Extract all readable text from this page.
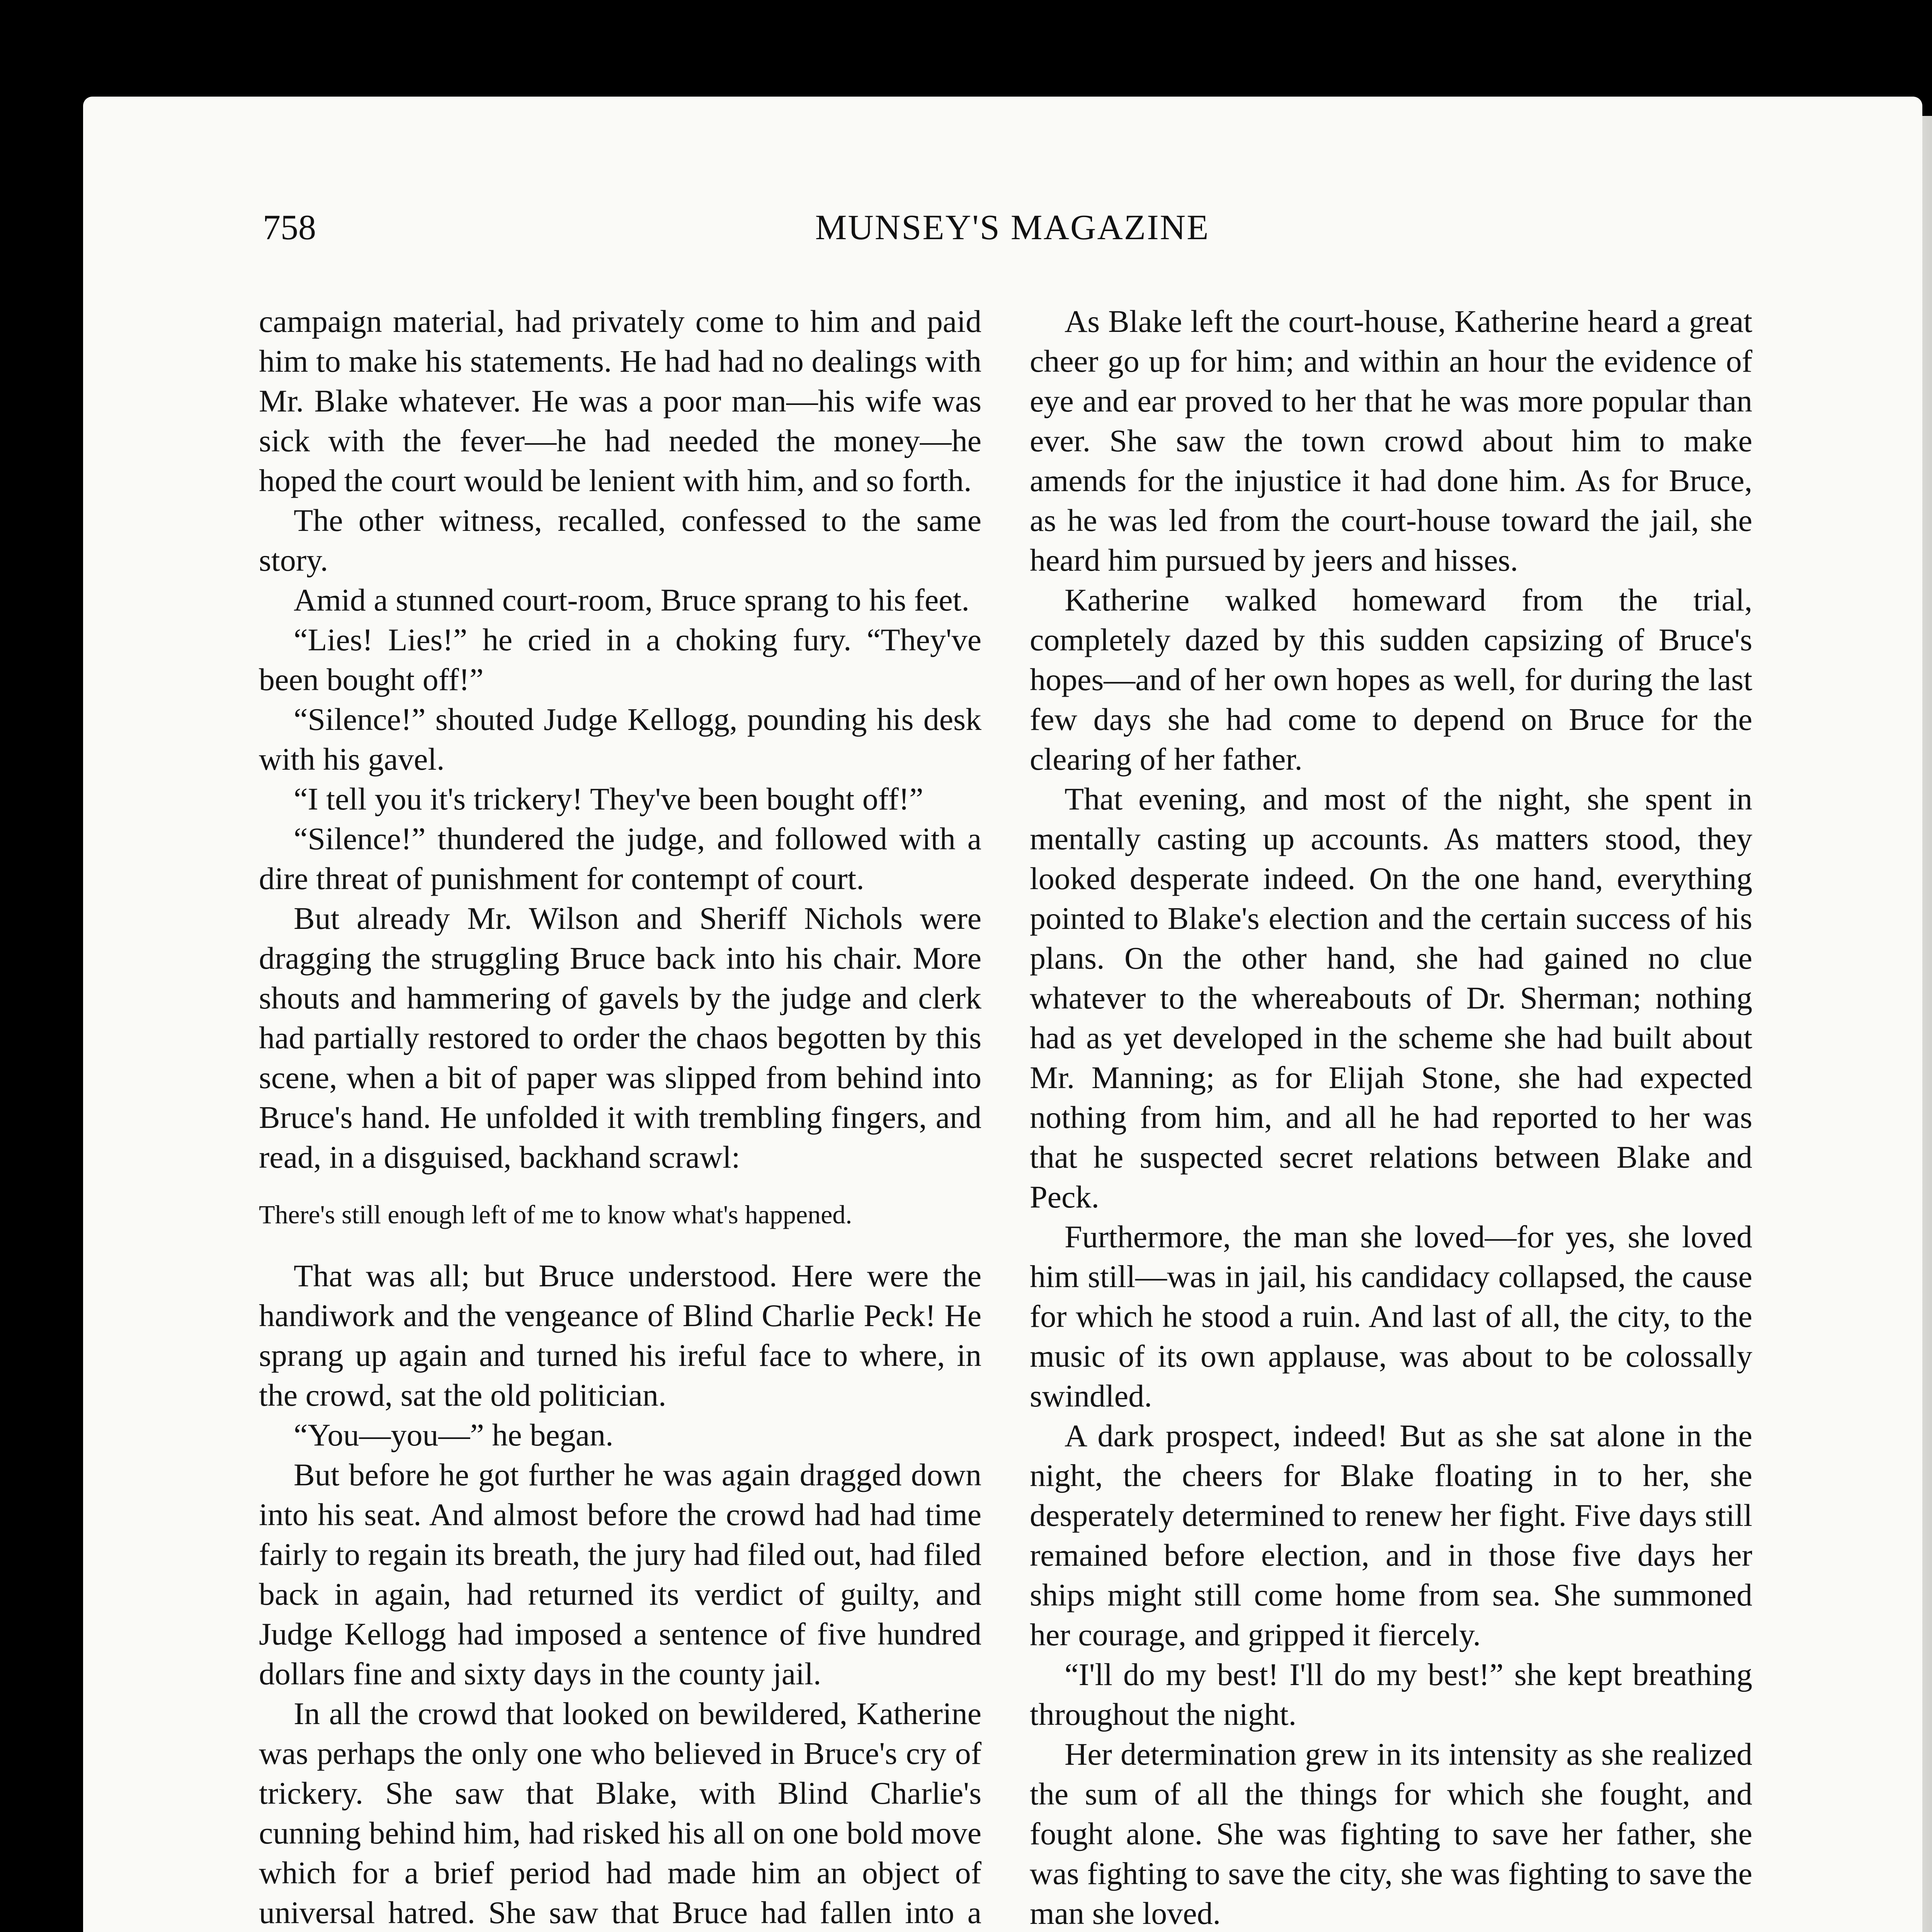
758	MUNSEY'S MAGAZINE

campaign material, had privately come to him and paid him to make his statements. He had had no dealings with Mr. Blake whatever. He was a poor man—his wife was sick with the fever—he had needed the money—he hoped the court would be lenient with him, and so forth.

The other witness, recalled, confessed to the same story.

Amid a stunned court-room, Bruce sprang to his feet.

“Lies! Lies!” he cried in a choking fury. “They've been bought off!”

“Silence!” shouted Judge Kellogg, pounding his desk with his gavel.

“I tell you it's trickery! They've been bought off!”

“Silence!” thundered the judge, and followed with a dire threat of punishment for contempt of court.

But already Mr. Wilson and Sheriff Nichols were dragging the struggling Bruce back into his chair. More shouts and hammering of gavels by the judge and clerk had partially restored to order the chaos begotten by this scene, when a bit of paper was slipped from behind into Bruce's hand. He unfolded it with trembling fingers, and read, in a disguised, backhand scrawl:

There's still enough left of me to know what's happened.

That was all; but Bruce understood. Here were the handiwork and the vengeance of Blind Charlie Peck! He sprang up again and turned his ireful face to where, in the crowd, sat the old politician.

“You—you—” he began.

But before he got further he was again dragged down into his seat. And almost before the crowd had had time fairly to regain its breath, the jury had filed out, had filed back in again, had returned its verdict of guilty, and Judge Kellogg had imposed a sentence of five hundred dollars fine and sixty days in the county jail.

In all the crowd that looked on bewildered, Katherine was perhaps the only one who believed in Bruce's cry of trickery. She saw that Blake, with Blind Charlie's cunning behind him, had risked his all on one bold move which for a brief period had made him an object of universal hatred. She saw that Bruce had fallen into a

As Blake left the court-house, Katherine heard a great cheer go up for him; and within an hour the evidence of eye and ear proved to her that he was more popular than ever. She saw the town crowd about him to make amends for the injustice it had done him. As for Bruce, as he was led from the court-house toward the jail, she heard him pursued by jeers and hisses.

Katherine walked homeward from the trial, completely dazed by this sudden capsizing of Bruce's hopes—and of her own hopes as well, for during the last few days she had come to depend on Bruce for the clearing of her father.

That evening, and most of the night, she spent in mentally casting up accounts. As matters stood, they looked desperate indeed. On the one hand, everything pointed to Blake's election and the certain success of his plans. On the other hand, she had gained no clue whatever to the whereabouts of Dr. Sherman; nothing had as yet developed in the scheme she had built about Mr. Manning; as for Elijah Stone, she had expected nothing from him, and all he had reported to her was that he suspected secret relations between Blake and Peck.

Furthermore, the man she loved—for yes, she loved him still—was in jail, his candidacy collapsed, the cause for which he stood a ruin. And last of all, the city, to the music of its own applause, was about to be colossally swindled.

A dark prospect, indeed! But as she sat alone in the night, the cheers for Blake floating in to her, she desperately determined to renew her fight. Five days still remained before election, and in those five days her ships might still come home from sea. She summoned her courage, and gripped it fiercely.

“I'll do my best! I'll do my best!” she kept breathing throughout the night.

Her determination grew in its intensity as she realized the sum of all the things for which she fought, and fought alone. She was fighting to save her father, she was fighting to save the city, she was fighting to save the man she loved.
